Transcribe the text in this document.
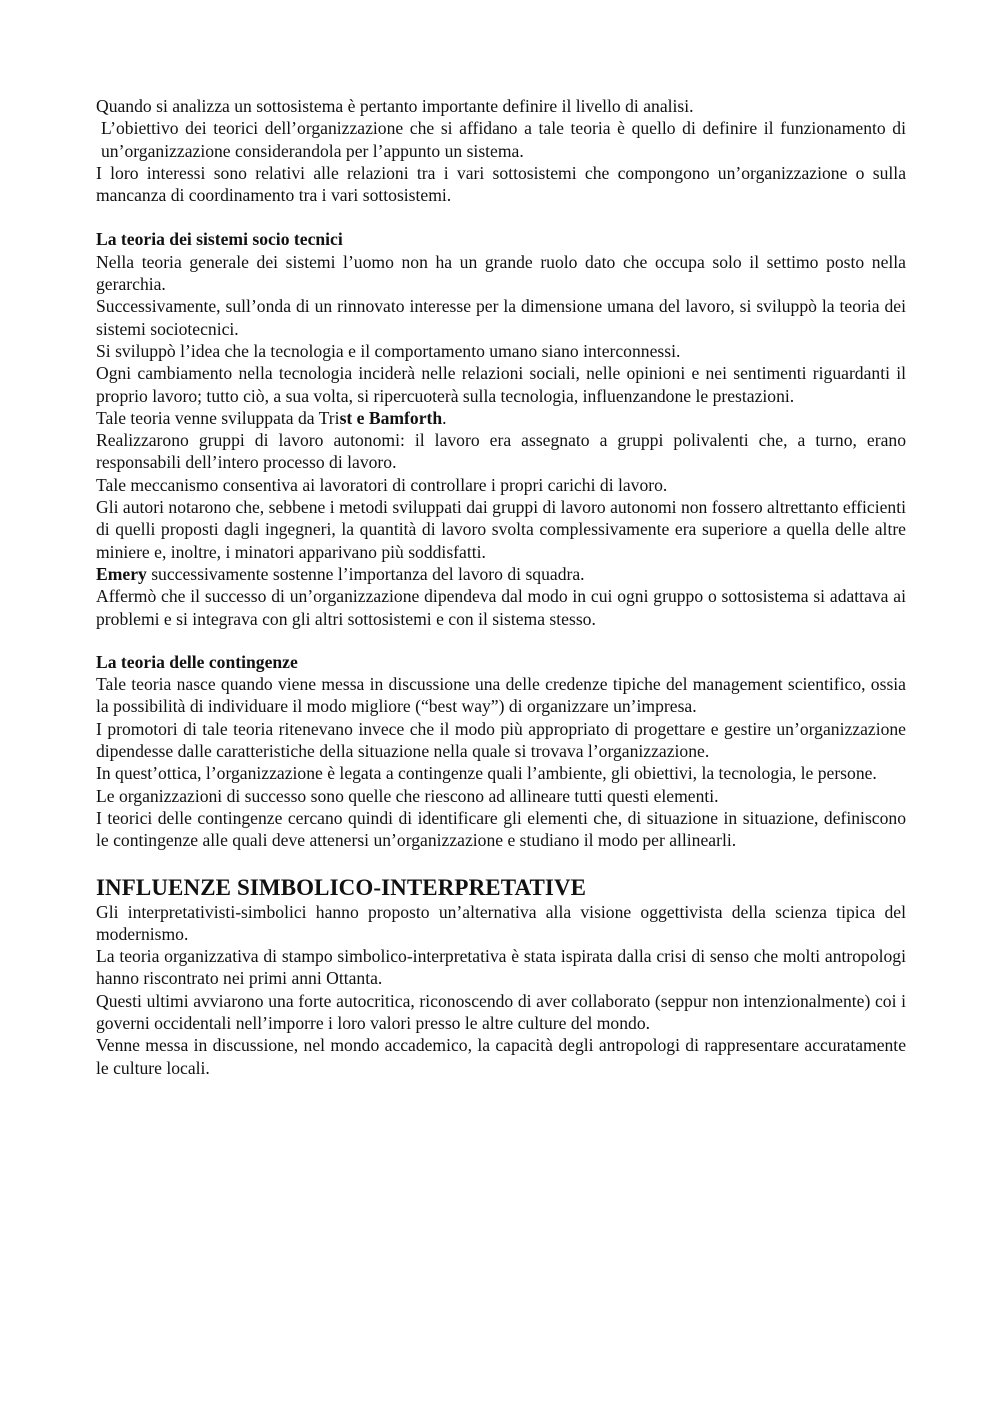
Quando si analizza un sottosistema è pertanto importante definire il livello di analisi.

L’obiettivo dei teorici dell’organizzazione che si affidano a tale teoria è quello di definire il funzionamento di un’organizzazione considerandola per l’appunto un sistema.

I loro interessi sono relativi alle relazioni tra i vari sottosistemi che compongono un’organizzazione o sulla mancanza di coordinamento tra i vari sottosistemi.

La teoria dei sistemi socio tecnici

Nella teoria generale dei sistemi l’uomo non ha un grande ruolo dato che occupa solo il settimo posto nella gerarchia.

Successivamente, sull’onda di un rinnovato interesse per la dimensione umana del lavoro, si sviluppò la teoria dei sistemi sociotecnici.

Si sviluppò l’idea che la tecnologia e il comportamento umano siano interconnessi.

Ogni cambiamento nella tecnologia inciderà nelle relazioni sociali, nelle opinioni e nei sentimenti riguardanti il proprio lavoro; tutto ciò, a sua volta, si ripercuoterà sulla tecnologia, influenzandone le prestazioni.

Tale teoria venne sviluppata da Trist e Bamforth.

Realizzarono gruppi di lavoro autonomi: il lavoro era assegnato a gruppi polivalenti che, a turno, erano responsabili dell’intero processo di lavoro.

Tale meccanismo consentiva ai lavoratori di controllare i propri carichi di lavoro.

Gli autori notarono che, sebbene i metodi sviluppati dai gruppi di lavoro autonomi non fossero altrettanto efficienti di quelli proposti dagli ingegneri, la quantità di lavoro svolta complessivamente era superiore a quella delle altre miniere e, inoltre, i minatori apparivano più soddisfatti.

Emery successivamente sostenne l’importanza del lavoro di squadra.

Affermò che il successo di un’organizzazione dipendeva dal modo in cui ogni gruppo o sottosistema si adattava ai problemi e si integrava con gli altri sottosistemi e con il sistema stesso.

La teoria delle contingenze

Tale teoria nasce quando viene messa in discussione una delle credenze tipiche del management scientifico, ossia la possibilità di individuare il modo migliore (“best way”) di organizzare un’impresa.

I promotori di tale teoria ritenevano invece che il modo più appropriato di progettare e gestire un’organizzazione dipendesse dalle caratteristiche della situazione nella quale si trovava l’organizzazione.

In quest’ottica, l’organizzazione è legata a contingenze quali l’ambiente, gli obiettivi, la tecnologia, le persone.

Le organizzazioni di successo sono quelle che riescono ad allineare tutti questi elementi.

I teorici delle contingenze cercano quindi di identificare gli elementi che, di situazione in situazione, definiscono le contingenze alle quali deve attenersi un’organizzazione e studiano il modo per allinearli.

INFLUENZE SIMBOLICO-INTERPRETATIVE

Gli interpretativisti-simbolici hanno proposto un’alternativa alla visione oggettivista della scienza tipica del modernismo.

La teoria organizzativa di stampo simbolico-interpretativa è stata ispirata dalla crisi di senso che molti antropologi hanno riscontrato nei primi anni Ottanta.

Questi ultimi avviarono una forte autocritica, riconoscendo di aver collaborato (seppur non intenzionalmente) coi i governi occidentali nell’imporre i loro valori presso le altre culture del mondo.

Venne messa in discussione, nel mondo accademico, la capacità degli antropologi di rappresentare accuratamente le culture locali.
